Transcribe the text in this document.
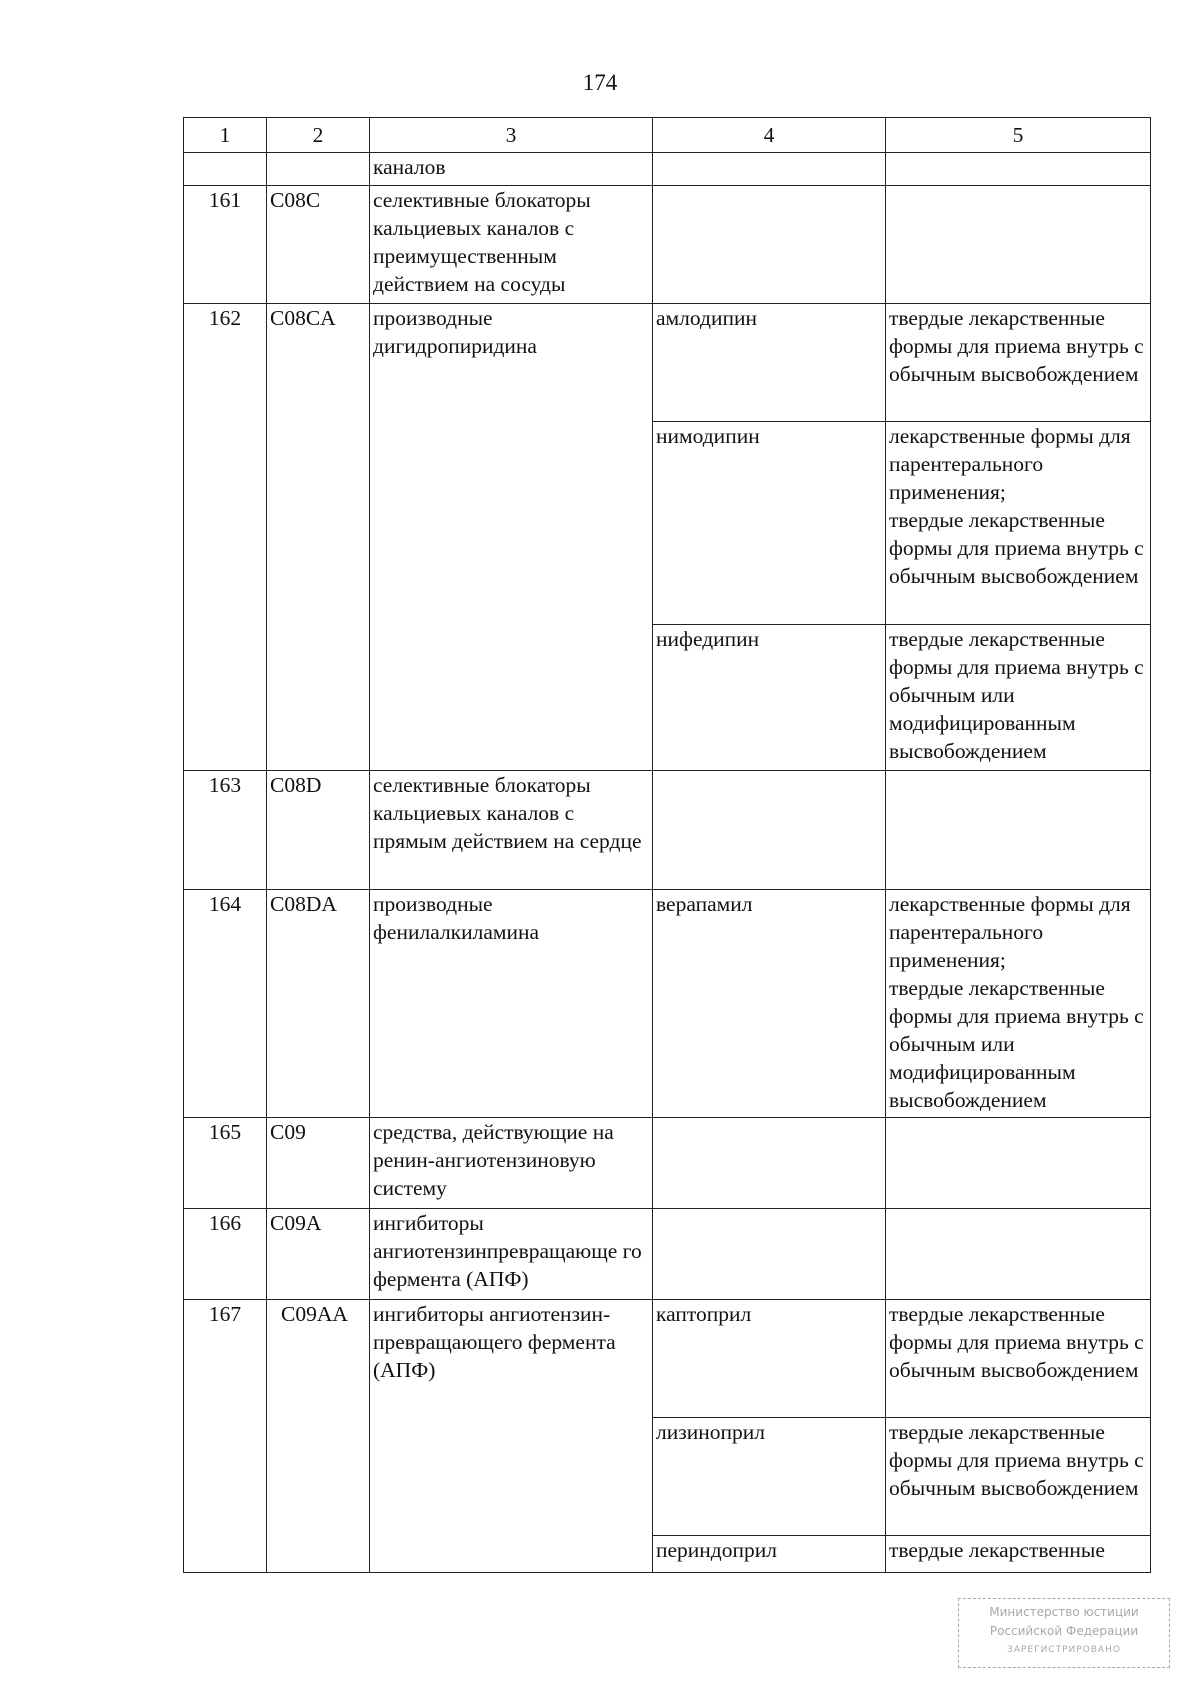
174
1	2	3	4	5
		каналов		
161	C08C	селективные блокаторы кальциевых каналов с преимущественным действием на сосуды		
162	C08CA	производные дигидропиридина	амлодипин	твердые лекарственные формы для приема внутрь с обычным высвобождением
			нимодипин	лекарственные формы для парентерального применения;
твердые лекарственные формы для приема внутрь с обычным высвобождением

			нифедипин	твердые лекарственные формы для приема внутрь с обычным или модифицированным высвобождением
163	C08D	селективные блокаторы кальциевых каналов с прямым действием на сердце		
164	C08DA	производные фенилалкиламина	верапамил	лекарственные формы для парентерального применения;
твердые лекарственные формы для приема внутрь с обычным или модифицированным высвобождением

165	C09	средства, действующие на ренин-ангиотензиновую систему		
166	C09A	ингибиторы ангиотензинпревращающе го фермента (АПФ)		
167	C09AA	ингибиторы ангиотензин-превращающего фермента (АПФ)	каптоприл	твердые лекарственные формы для приема внутрь с обычным высвобождением
			лизиноприл	твердые лекарственные формы для приема внутрь с обычным высвобождением
			периндоприл	твердые лекарственные
Министерство юстиции
Российской Федерации
ЗАРЕГИСТРИРОВАНО
